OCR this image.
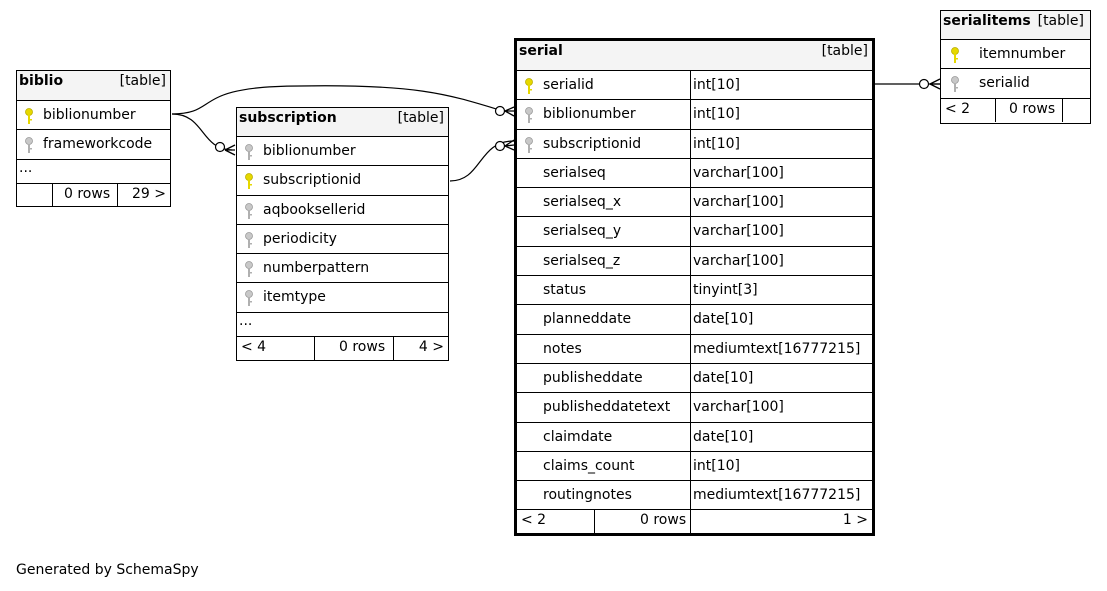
biblio	[table]
biblionumber
frameworkcode
...
0 rows 29 >
subscription	[table]
biblionumber
subscriptionid
aqbooksellerid
periodicity
numberpattern
itemtype
...
< 4	0 rows 4 >
serial	[table]
serialid	int[10]
biblionumber	int[10]
subscriptionid	int[10]
serialseq	varchar[100]
serialseq_x	varchar[100]
serialseq_y	varchar[100]
serialseq_z	varchar[100]
status	tinyint[3]
planneddate	date[10]
notes	mediumtext[16777215]
publisheddate	date[10]
publisheddatetext varchar[100]
claimdate	date[10]
claims_count	int[10]
routingnotes	mediumtext[16777215]
< 2	0 rows	1 >
serialitems [table]
itemnumber
serialid
< 2	0 rows
Generated by SchemaSpy
